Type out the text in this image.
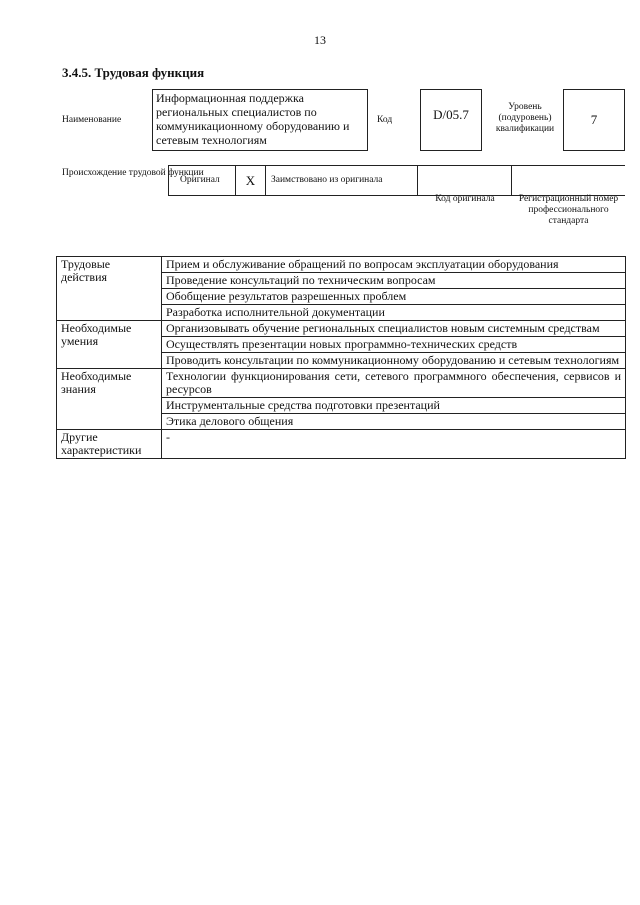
13
3.4.5. Трудовая функция
Наименование
Информационная поддержка региональных специалистов по коммуникационному оборудованию и сетевым технологиям
Код	D/05.7	Уровень (подуровень) квалификации
7
Происхождение трудовой функции
Оригинал	X	Заимствовано из оригинала
Код оригинала	Регистрационный номер профессионального стандарта
Трудовые действия	Прием и обслуживание обращений по вопросам эксплуатации оборудования
	Проведение консультаций по техническим вопросам
	Обобщение результатов разрешенных проблем
	Разработка исполнительной документации
Необходимые умения	Организовывать обучение региональных специалистов новым системным средствам
	Осуществлять презентации новых программно-технических средств
	Проводить консультации по коммуникационному оборудованию и сетевым технологиям
Необходимые знания	Технологии функционирования сети, сетевого программного обеспечения, сервисов и ресурсов
	Инструментальные средства подготовки презентаций
	Этика делового общения
Другие характеристики	-
